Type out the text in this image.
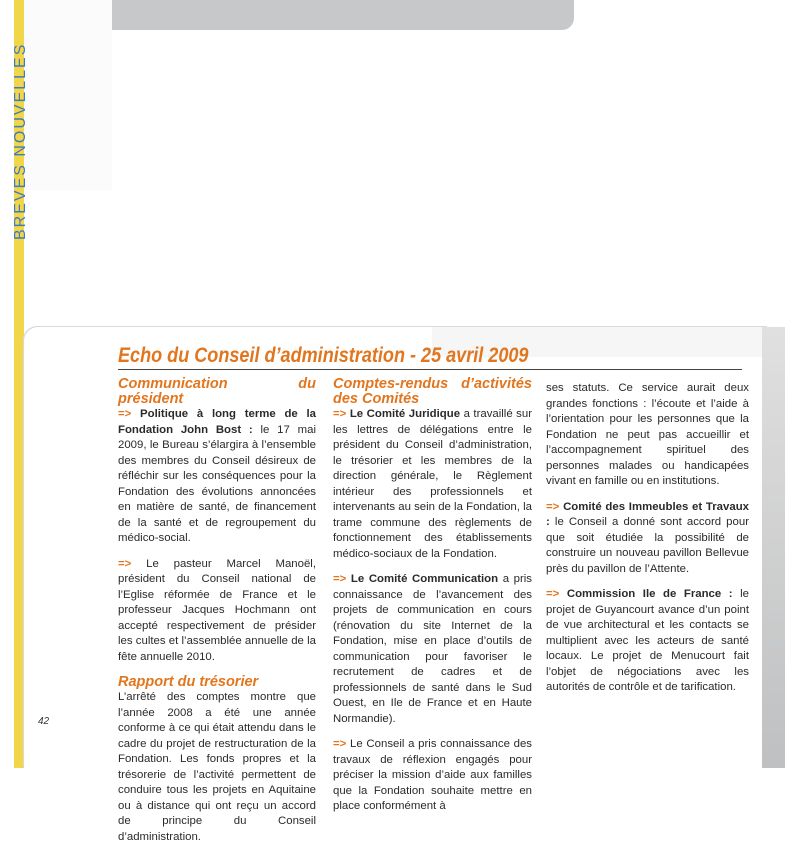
BREVES NOUVELLES
Echo du Conseil d’administration - 25 avril 2009
Communication du président

=> Politique à long terme de la Fondation John Bost : le 17 mai 2009, le Bureau s’élargira à l’ensemble des membres du Conseil désireux de réfléchir sur les conséquences pour la Fondation des évolutions annoncées en matière de santé, de financement de la santé et de regroupement du médico-social.

=> Le pasteur Marcel Manoël, président du Conseil national de l’Eglise réformée de France et le professeur Jacques Hochmann ont accepté respectivement de présider les cultes et l’assemblée annuelle de la fête annuelle 2010.

Rapport du trésorier

L’arrêté des comptes montre que l’année 2008 a été une année conforme à ce qui était attendu dans le cadre du projet de restructuration de la Fondation. Les fonds propres et la trésorerie de l’activité permettent de conduire tous les projets en Aquitaine ou à distance qui ont reçu un accord de principe du Conseil d’administration.

Comptes-rendus d’activités des Comités

=> Le Comité Juridique a travaillé sur les lettres de délégations entre le président du Conseil d’administration, le trésorier et les membres de la direction générale, le Règlement intérieur des professionnels et intervenants au sein de la Fondation, la trame commune des règlements de fonctionnement des établissements médico-sociaux de la Fondation.

=> Le Comité Communication a pris connaissance de l’avancement des projets de communication en cours (rénovation du site Internet de la Fondation, mise en place d’outils de communication pour favoriser le recrutement de cadres et de professionnels de santé dans le Sud Ouest, en Ile de France et en Haute Normandie).

=> Le Conseil a pris connaissance des travaux de réflexion engagés pour préciser la mission d’aide aux familles que la Fondation souhaite mettre en place conformément à

ses statuts. Ce service aurait deux grandes fonctions : l’écoute et l’aide à l’orientation pour les personnes que la Fondation ne peut pas accueillir et l’accompagnement spirituel des personnes malades ou handicapées vivant en famille ou en institutions.

=> Comité des Immeubles et Travaux : le Conseil a donné sont accord pour que soit étudiée la possibilité de construire un nouveau pavillon Bellevue près du pavillon de l’Attente.

=> Commission Ile de France : le projet de Guyancourt avance d’un point de vue architectural et les contacts se multiplient avec les acteurs de santé locaux. Le projet de Menucourt fait l’objet de négociations avec les autorités de contrôle et de tarification.

42
